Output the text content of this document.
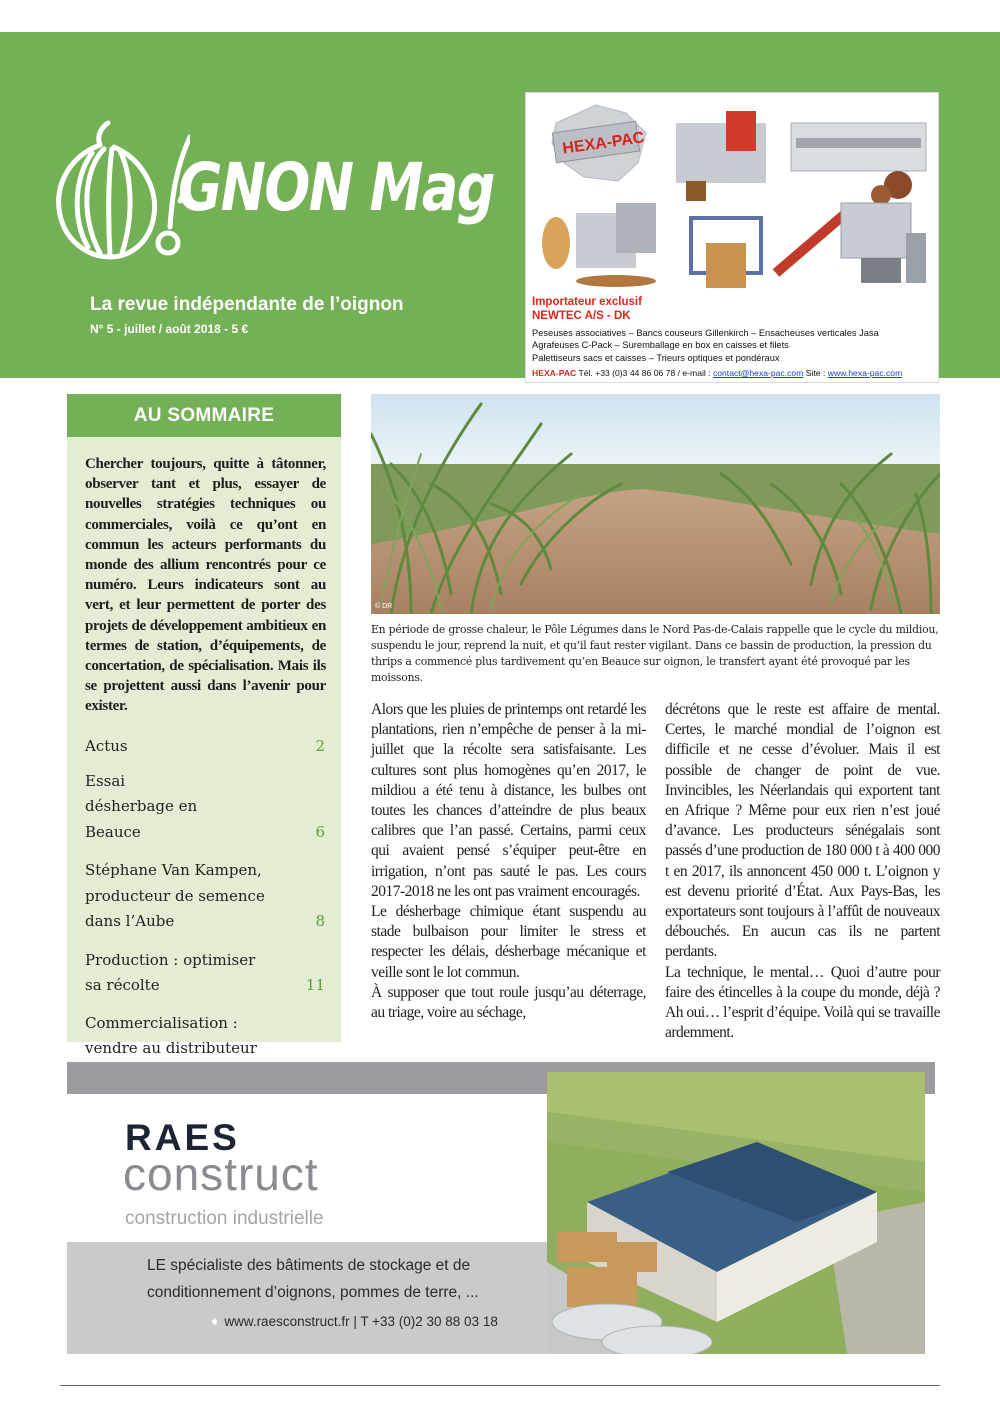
GNON Mag
La revue indépendante de l’oignon
N° 5 - juillet / août 2018 - 5 €
HEXA-PAC
Importateur exclusif
NEWTEC A/S - DK
Peseuses associatives – Bancs couseurs Gillenkirch – Ensacheuses verticales Jasa
Agrafeuses C-Pack – Suremballage en box en caisses et filets
Palettiseurs sacs et caisses – Trieurs optiques et pondéraux
HEXA-PAC Tél. +33 (0)3 44 86 06 78 / e-mail : contact@hexa-pac.com Site : www.hexa-pac.com
AU SOMMAIRE
Chercher toujours, quitte à tâtonner, observer tant et plus, essayer de nouvelles stratégies techniques ou commerciales, voilà ce qu’ont en commun les acteurs performants du monde des allium rencontrés pour ce numéro. Leurs indicateurs sont au vert, et leur permettent de porter des projets de développement ambitieux en termes de station, d’équipements, de concertation, de spécialisation. Mais ils se projettent aussi dans l’avenir pour exister.
Actus	2
Essai désherbage en Beauce	6
Stéphane Van Kampen, producteur de semence dans l’Aube	8
Production : optimiser sa récolte	11
Commercialisation : vendre au distributeur
© DR
En période de grosse chaleur, le Pôle Légumes dans le Nord Pas-de-Calais rappelle que le cycle du mildiou, suspendu le jour, reprend la nuit, et qu’il faut rester vigilant. Dans ce bassin de production, la pression du thrips a commencé plus tardivement qu’en Beauce sur oignon, le transfert ayant été provoqué par les moissons.

Alors que les pluies de printemps ont retardé les plantations, rien n’empêche de penser à la mi-juillet que la récolte sera satisfaisante. Les cultures sont plus homogènes qu’en 2017, le mildiou a été tenu à distance, les bulbes ont toutes les chances d’atteindre de plus beaux calibres que l’an passé. Certains, parmi ceux qui avaient pensé s’équiper peut-être en irrigation, n’ont pas sauté le pas. Les cours 2017-2018 ne les ont pas vraiment encouragés.

Le désherbage chimique étant suspendu au stade bulbaison pour limiter le stress et respecter les délais, désherbage mécanique et veille sont le lot commun.

À supposer que tout roule jusqu’au déterrage, au triage, voire au séchage,

décrétons que le reste est affaire de mental. Certes, le marché mondial de l’oignon est difficile et ne cesse d’évoluer. Mais il est possible de changer de point de vue. Invincibles, les Néerlandais qui exportent tant en Afrique ? Même pour eux rien n’est joué d’avance. Les producteurs sénégalais sont passés d’une production de 180 000 t à 400 000 t en 2017, ils annoncent 450 000 t. L’oignon y est devenu priorité d’État. Aux Pays-Bas, les exportateurs sont toujours à l’affût de nouveaux débouchés. En aucun cas ils ne partent perdants.

La technique, le mental… Quoi d’autre pour faire des étincelles à la coupe du monde, déjà ? Ah oui… l’esprit d’équipe. Voilà qui se travaille ardemment.

RAES
construct
construction industrielle
LE spécialiste des bâtiments de stockage et de conditionnement d’oignons, pommes de terre, ...
➧ www.raesconstruct.fr | T +33 (0)2 30 88 03 18
